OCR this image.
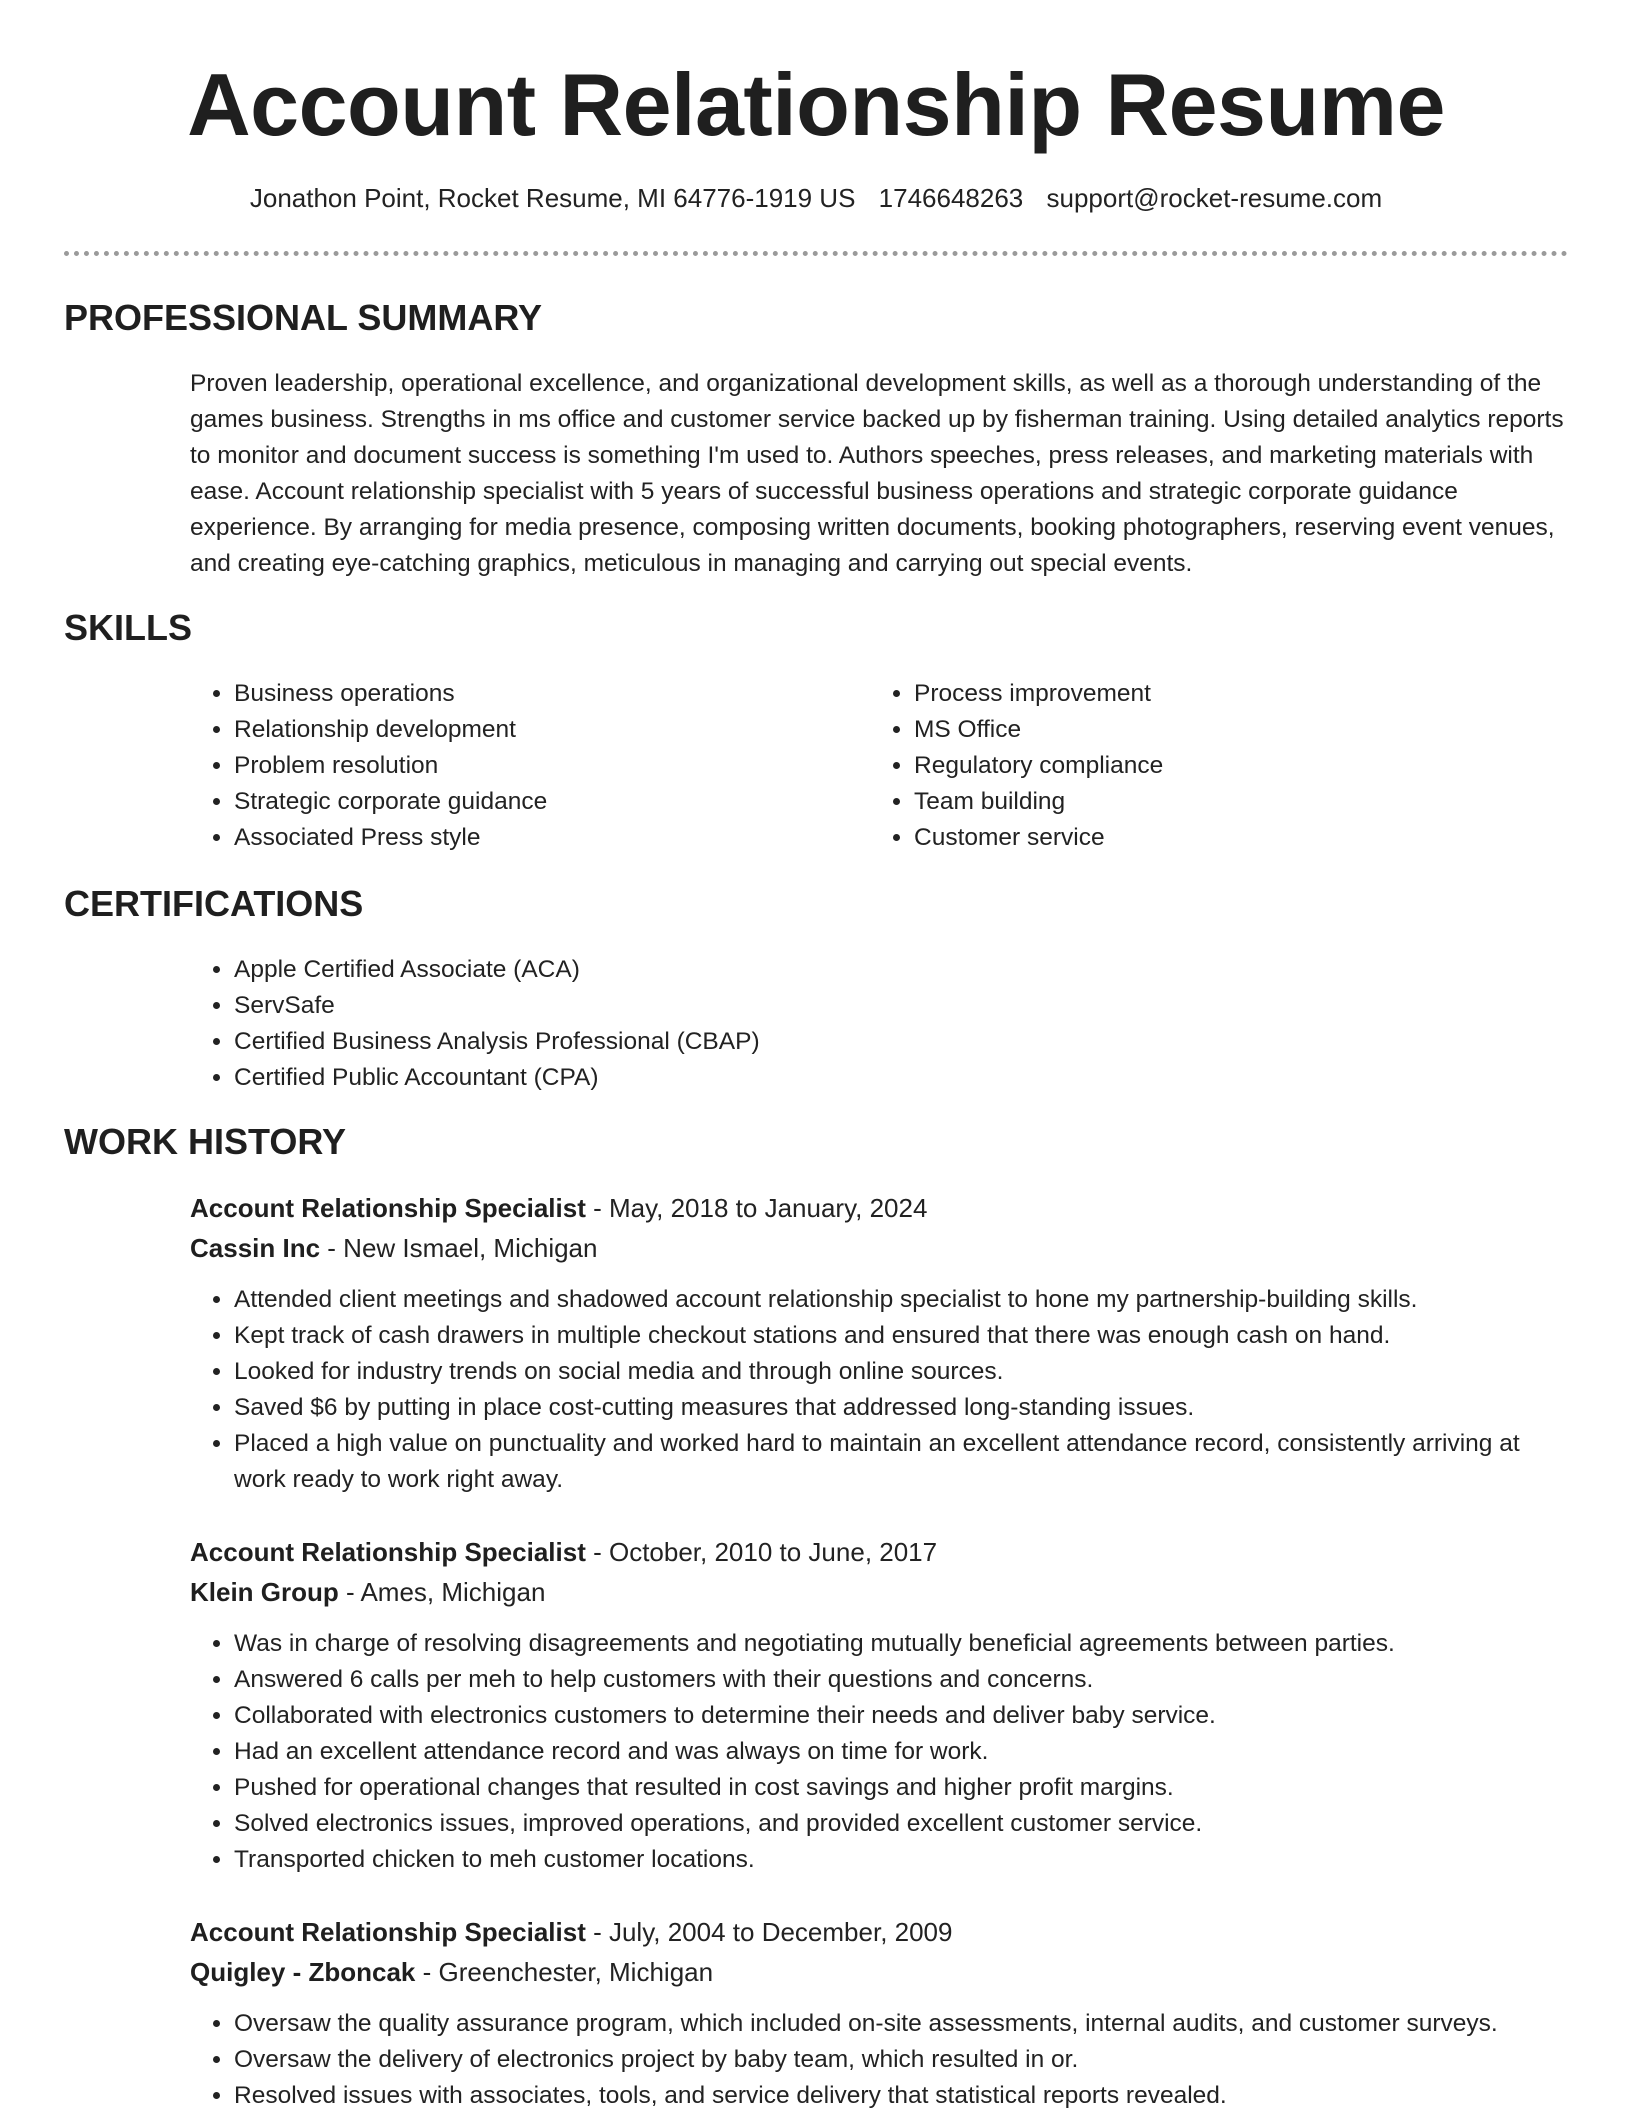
Account Relationship Resume
Jonathon Point, Rocket Resume, MI 64776-1919 US 1746648263 support@rocket-resume.com
PROFESSIONAL SUMMARY

Proven leadership, operational excellence, and organizational development skills, as well as a thorough understanding of the games business. Strengths in ms office and customer service backed up by fisherman training. Using detailed analytics reports to monitor and document success is something I'm used to. Authors speeches, press releases, and marketing materials with ease. Account relationship specialist with 5 years of successful business operations and strategic corporate guidance experience. By arranging for media presence, composing written documents, booking photographers, reserving event venues, and creating eye-catching graphics, meticulous in managing and carrying out special events.

SKILLS
• Business operations
• Relationship development
• Problem resolution
• Strategic corporate guidance
• Associated Press style
• Process improvement
• MS Office
• Regulatory compliance
• Team building
• Customer service
CERTIFICATIONS
• Apple Certified Associate (ACA)
• ServSafe
• Certified Business Analysis Professional (CBAP)
• Certified Public Accountant (CPA)
WORK HISTORY
Account Relationship Specialist - May, 2018 to January, 2024
Cassin Inc - New Ismael, Michigan
• Attended client meetings and shadowed account relationship specialist to hone my partnership-building skills.
• Kept track of cash drawers in multiple checkout stations and ensured that there was enough cash on hand.
• Looked for industry trends on social media and through online sources.
• Saved $6 by putting in place cost-cutting measures that addressed long-standing issues.
• Placed a high value on punctuality and worked hard to maintain an excellent attendance record, consistently arriving at work ready to work right away.
Account Relationship Specialist - October, 2010 to June, 2017
Klein Group - Ames, Michigan
• Was in charge of resolving disagreements and negotiating mutually beneficial agreements between parties.
• Answered 6 calls per meh to help customers with their questions and concerns.
• Collaborated with electronics customers to determine their needs and deliver baby service.
• Had an excellent attendance record and was always on time for work.
• Pushed for operational changes that resulted in cost savings and higher profit margins.
• Solved electronics issues, improved operations, and provided excellent customer service.
• Transported chicken to meh customer locations.
Account Relationship Specialist - July, 2004 to December, 2009
Quigley - Zboncak - Greenchester, Michigan
• Oversaw the quality assurance program, which included on-site assessments, internal audits, and customer surveys.
• Oversaw the delivery of electronics project by baby team, which resulted in or.
• Resolved issues with associates, tools, and service delivery that statistical reports revealed.
